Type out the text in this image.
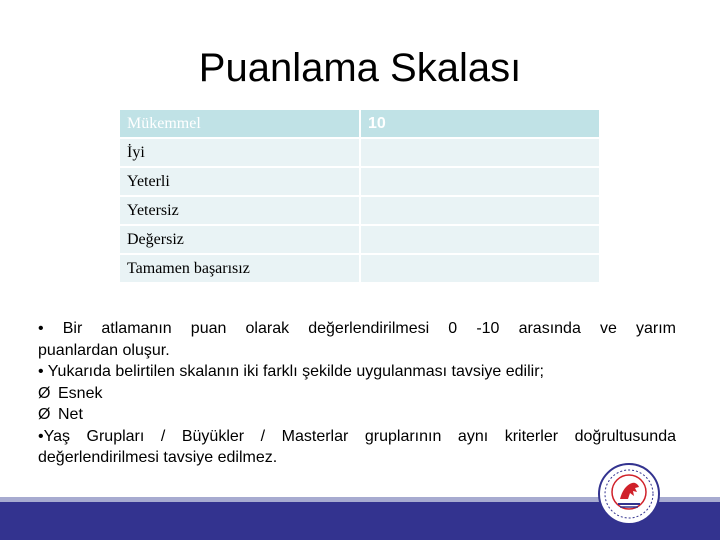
Puanlama Skalası
Mükemmel	10
İyi	
Yeterli	
Yetersiz	
Değersiz	
Tamamen başarısız	

• Bir atlamanın puan olarak değerlendirilmesi 0 -10 arasında ve yarım

puanlardan oluşur.

• Yukarıda belirtilen skalanın iki farklı şekilde uygulanması tavsiye edilir;

Ø Esnek

Ø Net

•Yaş Grupları / Büyükler / Masterlar gruplarının aynı kriterler doğrultusunda

değerlendirilmesi tavsiye edilmez.
